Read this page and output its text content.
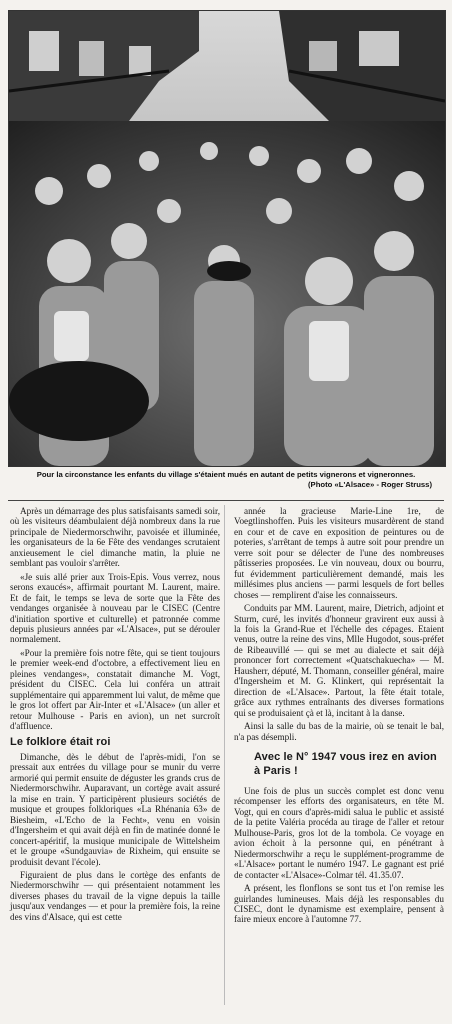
Pour la circonstance les enfants du village s'étaient mués en autant de petits vignerons et vigneronnes.
(Photo «L'Alsace» - Roger Struss)

Après un démarrage des plus satisfaisants samedi soir, où les visiteurs déambulaient déjà nombreux dans la rue principale de Niedermorschwihr, pavoisée et illuminée, les organisateurs de la 6e Fête des vendanges scrutaient anxieusement le ciel dimanche matin, la pluie ne semblant pas vouloir s'arrêter.

«Je suis allé prier aux Trois-Epis. Vous verrez, nous serons exaucés», affirmait pourtant M. Laurent, maire. Et de fait, le temps se leva de sorte que la Fête des vendanges organisée à nouveau par le CISEC (Centre d'initiation sportive et culturelle) et patronnée comme depuis plusieurs années par «L'Alsace», put se dérouler normalement.

«Pour la première fois notre fête, qui se tient toujours le premier week-end d'octobre, a effectivement lieu en pleines vendanges», constatait dimanche M. Vogt, président du CISEC. Cela lui conféra un attrait supplémentaire qui apparemment lui valut, de même que le gros lot offert par Air-Inter et «L'Alsace» (un aller et retour Mulhouse - Paris en avion), un net surcroît d'affluence.

Le folklore était roi

Dimanche, dès le début de l'après-midi, l'on se pressait aux entrées du village pour se munir du verre armorié qui permit ensuite de déguster les grands crus de Niedermorschwihr. Auparavant, un cortège avait assuré la mise en train. Y participèrent plusieurs sociétés de musique et groupes folkloriques «La Rhénania 63» de Biesheim, «L'Echo de la Fecht», venu en voisin d'Ingersheim et qui avait déjà en fin de matinée donné le concert-apéritif, la musique municipale de Wittelsheim et le groupe «Sundgauvia» de Rixheim, qui ensuite se produisit devant l'école).

Figuraient de plus dans le cortège des enfants de Niedermorschwihr — qui présentaient notamment les diverses phases du travail de la vigne depuis la taille jusqu'aux vendanges — et pour la première fois, la reine des vins d'Alsace, qui est cette

année la gracieuse Marie-Line 1re, de Voegtlinshoffen. Puis les visiteurs musardèrent de stand en cour et de cave en exposition de peintures ou de poteries, s'arrêtant de temps à autre soit pour prendre un verre soit pour se délecter de l'une des nombreuses pâtisseries proposées. Le vin nouveau, doux ou bourru, fut évidemment particulièrement demandé, mais les millésimes plus anciens — parmi lesquels de fort belles choses — remplirent d'aise les connaisseurs.

Conduits par MM. Laurent, maire, Dietrich, adjoint et Sturm, curé, les invités d'honneur gravirent eux aussi à la fois la Grand-Rue et l'échelle des cépages. Etaient venus, outre la reine des vins, Mlle Hugodot, sous-préfet de Ribeauvillé — qui se met au dialecte et sait déjà prononcer fort correctement «Quatschakuecha» — M. Hausherr, député, M. Thomann, conseiller général, maire d'Ingersheim et M. G. Klinkert, qui représentait la direction de «L'Alsace». Partout, la fête était totale, grâce aux rythmes entraînants des diverses formations qui se produisaient çà et là, incitant à la danse.

Ainsi la salle du bas de la mairie, où se tenait le bal, n'a pas désempli.

Avec le N° 1947 vous irez en avion à Paris !

Une fois de plus un succès complet est donc venu récompenser les efforts des organisateurs, en tête M. Vogt, qui en cours d'après-midi salua le public et assisté de la petite Valéria procéda au tirage de l'aller et retour Mulhouse-Paris, gros lot de la tombola. Ce voyage en avion échoit à la personne qui, en pénétrant à Niedermorschwihr a reçu le supplément-programme de «L'Alsace» portant le numéro 1947. Le gagnant est prié de contacter «L'Alsace»-Colmar tél. 41.35.07.

A présent, les flonflons se sont tus et l'on remise les guirlandes lumineuses. Mais déjà les responsables du CISEC, dont le dynamisme est exemplaire, pensent à faire mieux encore à l'automne 77.
